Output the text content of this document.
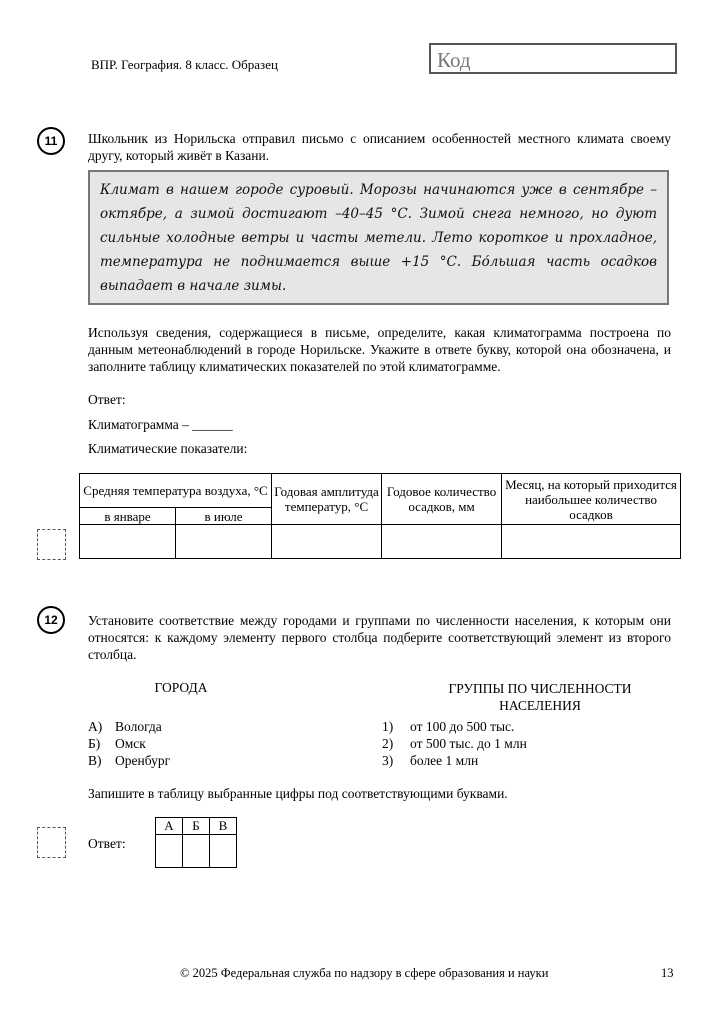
ВПР. География. 8 класс. Образец	Код
11	Школьник из Норильска отправил письмо с описанием особенностей местного климата своему другу, который живёт в Казани.
Климат в нашем городе суровый. Морозы начинаются уже в сентябре – октябре, а зимой достигают –40–45 °С. Зимой снега немного, но дуют сильные холодные ветры и часты метели. Лето короткое и прохладное, температура не поднимается выше +15 °С. Бо́льшая часть осадков выпадает в начале зимы.
Используя сведения, содержащиеся в письме, определите, какая климатограмма построена по данным метеонаблюдений в городе Норильске. Укажите в ответе букву, которой она обозначена, и заполните таблицу климатических показателей по этой климатограмме.
Ответ:
Климатограмма – ______
Климатические показатели:
Средняя температура воздуха, °С		Годовая амплитуда температур, °С	Годовое количество осадков, мм	Месяц, на который приходится наибольшее количество осадков
в январе	в июле			

12	Установите соответствие между городами и группами по численности населения, к которым они относятся: к каждому элементу первого столбца подберите соответствующий элемент из второго столбца.
ГОРОДА	ГРУППЫ ПО ЧИСЛЕННОСТИ НАСЕЛЕНИЯ
А) Вологда
Б) Омск
В) Оренбург
1) от 100 до 500 тыс.
2) от 500 тыс. до 1 млн
3) более 1 млн
Запишите в таблицу выбранные цифры под соответствующими буквами.
Ответ:
А	Б	В

© 2025 Федеральная служба по надзору в сфере образования и науки	13
